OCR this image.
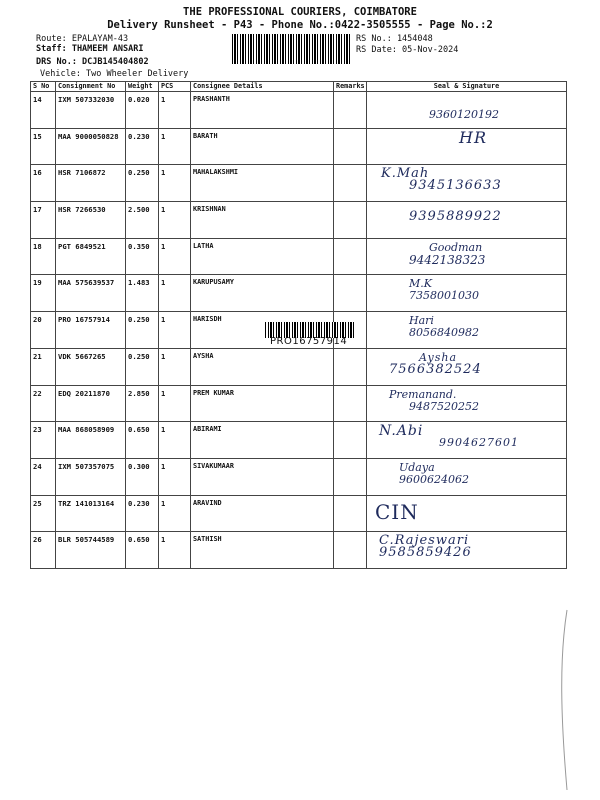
THE PROFESSIONAL COURIERS, COIMBATORE
Delivery Runsheet - P43 - Phone No.:0422-3505555 - Page No.:2
Route: EPALAYAM-43
Staff: THAMEEM ANSARI
DRS No.: DCJB145404802
Vehicle: Two Wheeler Delivery
RS No.: 1454048
RS Date: 05-Nov-2024
S No	Consignment No	Weight	PCS	Consignee Details	Remarks	Seal & Signature
14	IXM 507332030	0.020	1	PRASHANTH		9360120192

15	MAA 9000050828	0.230	1	BARATH		HR

16	HSR 7106872	0.250	1	MAHALAKSHMI		K.Mah
9345136633

17	HSR 7266530	2.500	1	KRISHNAN		9395889922

18	PGT 6849521	0.350	1	LATHA		Goodman
9442138323

19	MAA 575639537	1.483	1	KARUPUSAMY		M.K
7358001030

20	PRO 16757914	0.250	1	HARISDH		Hari
8056840982

21	VDK 5667265	0.250	1	AYSHA		Aysha
7566382524

22	EDQ 20211870	2.850	1	PREM KUMAR		Premanand.
9487520252

23	MAA 868058909	0.650	1	ABIRAMI		N.Abi
9904627601

24	IXM 507357075	0.300	1	SIVAKUMAAR		Udaya
9600624062

25	TRZ 141013164	0.230	1	ARAVIND		CIN

26	BLR 505744589	0.650	1	SATHISH		C.Rajeswari
9585859426
PRO16757914
